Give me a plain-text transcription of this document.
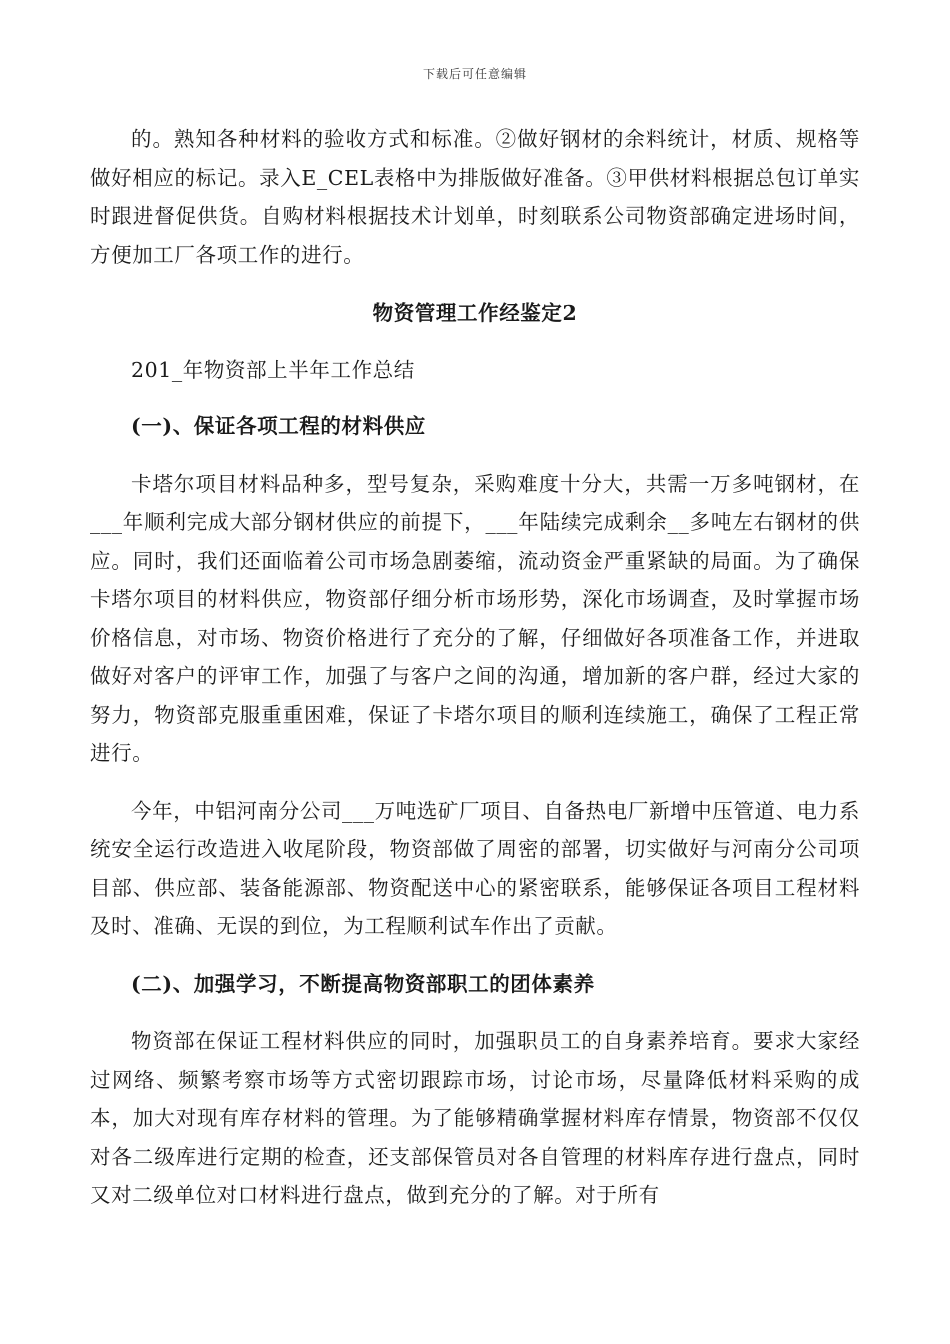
下载后可任意编辑

的。熟知各种材料的验收方式和标准。②做好钢材的余料统计，材质、规格等做好相应的标记。录入E_CEL表格中为排版做好准备。③甲供材料根据总包订单实时跟进督促供货。自购材料根据技术计划单，时刻联系公司物资部确定进场时间，方便加工厂各项工作的进行。

物资管理工作经鉴定2

201_年物资部上半年工作总结

(一)、保证各项工程的材料供应

卡塔尔项目材料品种多，型号复杂，采购难度十分大，共需一万多吨钢材，在___年顺利完成大部分钢材供应的前提下，___年陆续完成剩余__多吨左右钢材的供应。同时，我们还面临着公司市场急剧萎缩，流动资金严重紧缺的局面。为了确保卡塔尔项目的材料供应，物资部仔细分析市场形势，深化市场调查，及时掌握市场价格信息，对市场、物资价格进行了充分的了解，仔细做好各项准备工作，并进取做好对客户的评审工作，加强了与客户之间的沟通，增加新的客户群，经过大家的努力，物资部克服重重困难，保证了卡塔尔项目的顺利连续施工，确保了工程正常进行。

今年，中铝河南分公司___万吨选矿厂项目、自备热电厂新增中压管道、电力系统安全运行改造进入收尾阶段，物资部做了周密的部署，切实做好与河南分公司项目部、供应部、装备能源部、物资配送中心的紧密联系，能够保证各项目工程材料及时、准确、无误的到位，为工程顺利试车作出了贡献。

(二)、加强学习，不断提高物资部职工的团体素养

物资部在保证工程材料供应的同时，加强职员工的自身素养培育。要求大家经过网络、频繁考察市场等方式密切跟踪市场，讨论市场，尽量降低材料采购的成本，加大对现有库存材料的管理。为了能够精确掌握材料库存情景，物资部不仅仅对各二级库进行定期的检查，还支部保管员对各自管理的材料库存进行盘点，同时又对二级单位对口材料进行盘点，做到充分的了解。对于所有
